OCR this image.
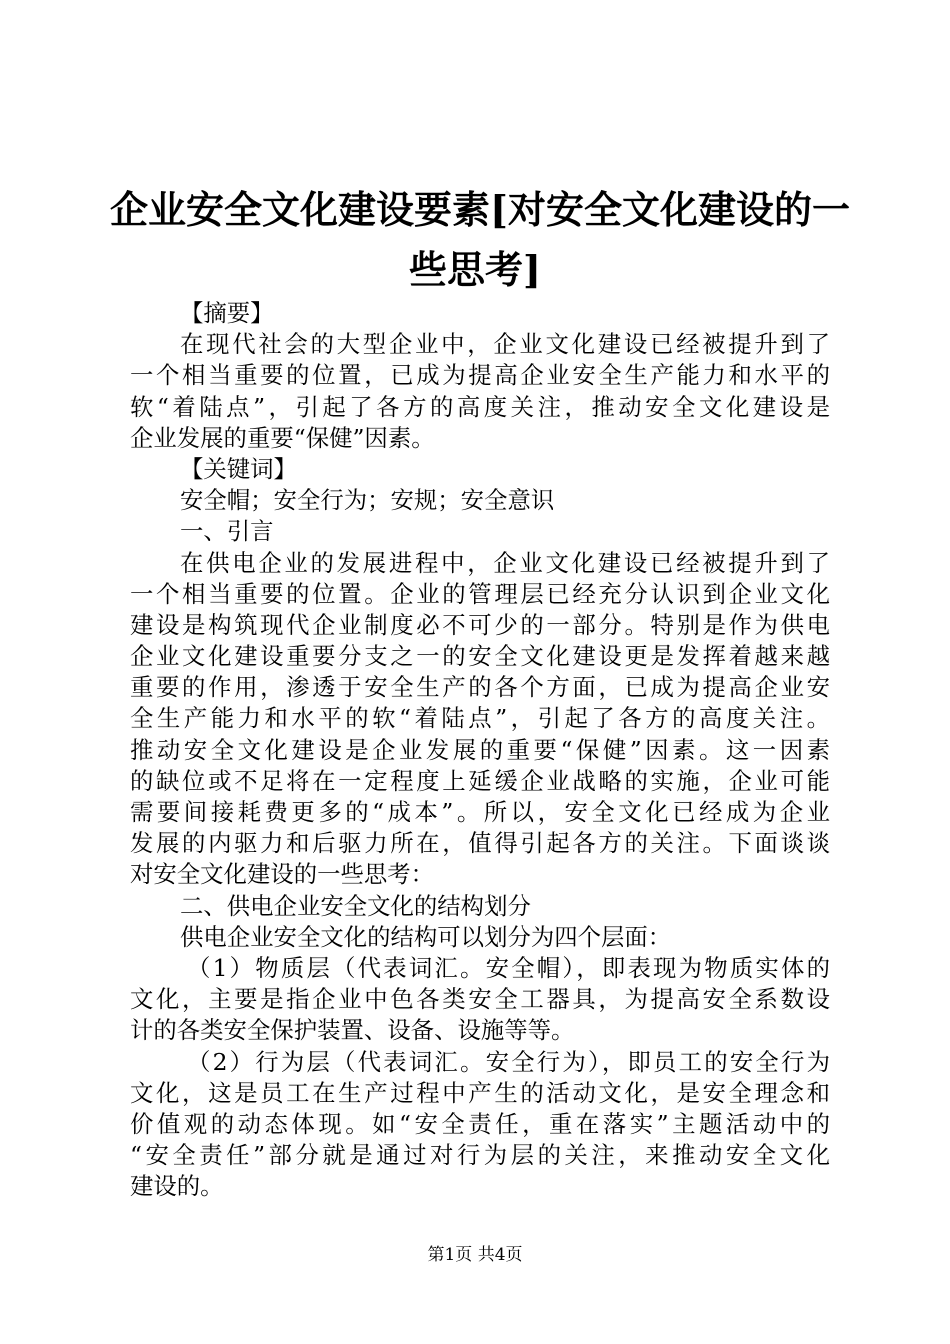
企业安全文化建设要素[对安全文化建设的一
些思考]
【摘要】
在现代社会的大型企业中，企业文化建设已经被提升到了
一个相当重要的位置，已成为提高企业安全生产能力和水平的
软“着陆点”，引起了各方的高度关注，推动安全文化建设是
企业发展的重要“保健”因素。
【关键词】
安全帽；安全行为；安规；安全意识
一、引言
在供电企业的发展进程中，企业文化建设已经被提升到了
一个相当重要的位置。企业的管理层已经充分认识到企业文化
建设是构筑现代企业制度必不可少的一部分。特别是作为供电
企业文化建设重要分支之一的安全文化建设更是发挥着越来越
重要的作用，渗透于安全生产的各个方面，已成为提高企业安
全生产能力和水平的软“着陆点”，引起了各方的高度关注。
推动安全文化建设是企业发展的重要“保健”因素。这一因素
的缺位或不足将在一定程度上延缓企业战略的实施，企业可能
需要间接耗费更多的“成本”。所以，安全文化已经成为企业
发展的内驱力和后驱力所在，值得引起各方的关注。下面谈谈
对安全文化建设的一些思考：
二、供电企业安全文化的结构划分
供电企业安全文化的结构可以划分为四个层面：
（1）物质层（代表词汇。安全帽），即表现为物质实体的
文化，主要是指企业中色各类安全工器具，为提高安全系数设
计的各类安全保护装置、设备、设施等等。
（2）行为层（代表词汇。安全行为），即员工的安全行为
文化，这是员工在生产过程中产生的活动文化，是安全理念和
价值观的动态体现。如“安全责任，重在落实”主题活动中的
“安全责任”部分就是通过对行为层的关注，来推动安全文化
建设的。
第1页 共4页
